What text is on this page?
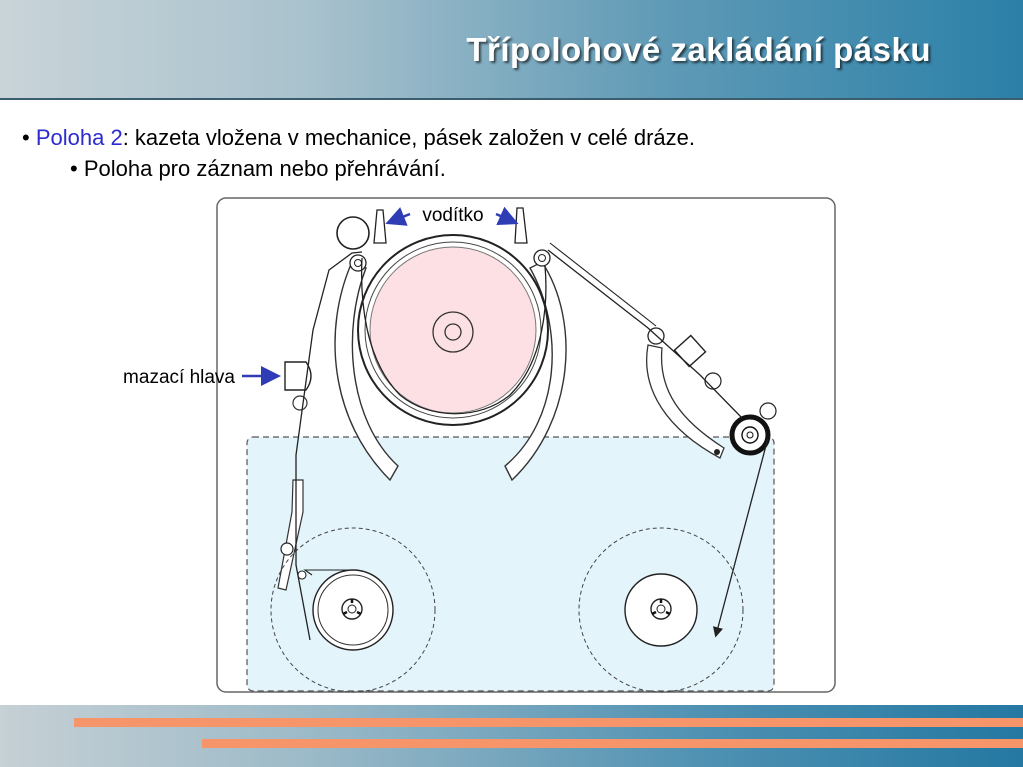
Třípolohové zakládání pásku
• Poloha 2: kazeta vložena v mechanice, pásek založen v celé dráze.
• Poloha pro záznam nebo přehrávání.
vodítko
mazací hlava
